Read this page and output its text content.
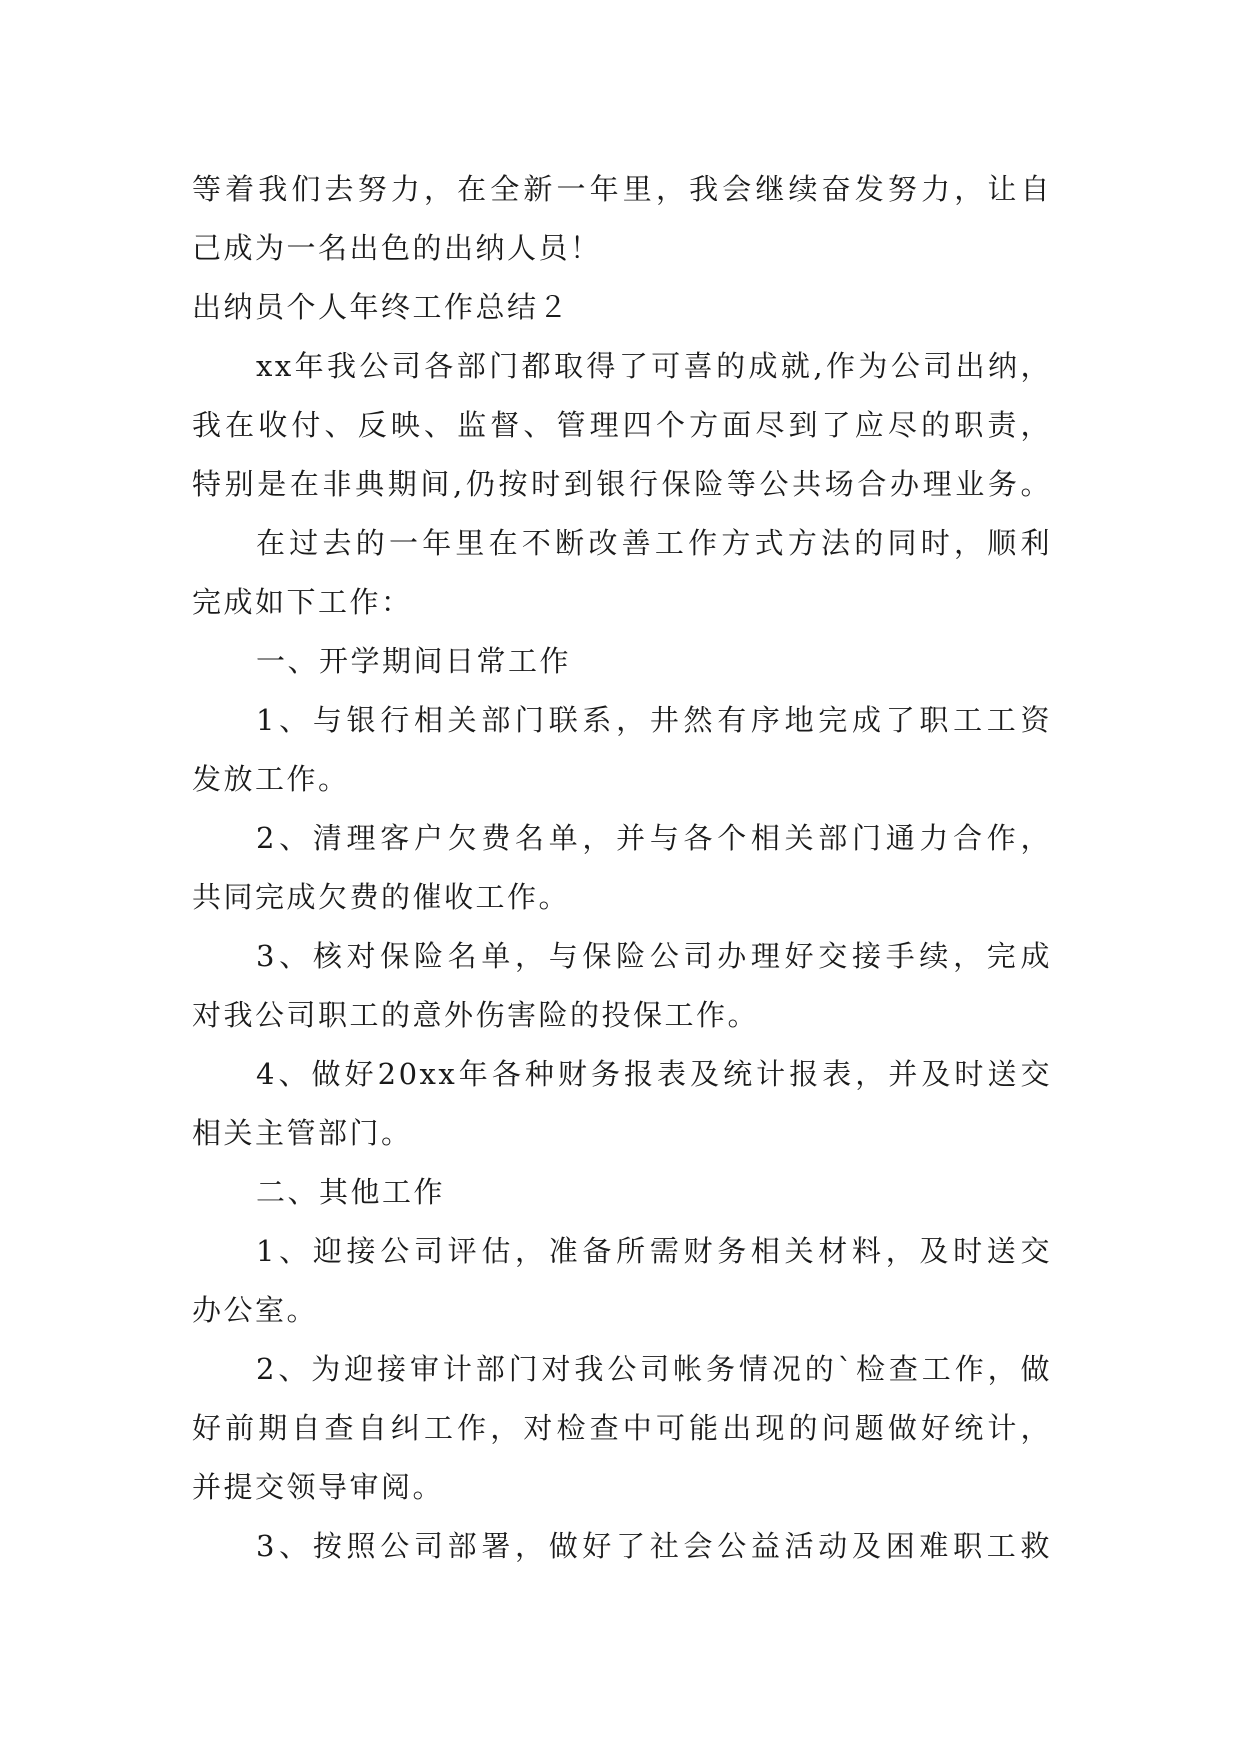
等着我们去努力，在全新一年里，我会继续奋发努力，让自
己成为一名出色的出纳人员！
出纳员个人年终工作总结２
xx年我公司各部门都取得了可喜的成就,作为公司出纳，
我在收付、反映、监督、管理四个方面尽到了应尽的职责，
特别是在非典期间,仍按时到银行保险等公共场合办理业务。
在过去的一年里在不断改善工作方式方法的同时，顺利
完成如下工作：
一、开学期间日常工作
1、与银行相关部门联系，井然有序地完成了职工工资
发放工作。
2、清理客户欠费名单，并与各个相关部门通力合作，
共同完成欠费的催收工作。
3、核对保险名单，与保险公司办理好交接手续，完成
对我公司职工的意外伤害险的投保工作。
4、做好20xx年各种财务报表及统计报表，并及时送交
相关主管部门。
二、其他工作
1、迎接公司评估，准备所需财务相关材料，及时送交
办公室。
2、为迎接审计部门对我公司帐务情况的`检查工作，做
好前期自查自纠工作，对检查中可能出现的问题做好统计，
并提交领导审阅。
3、按照公司部署，做好了社会公益活动及困难职工救
